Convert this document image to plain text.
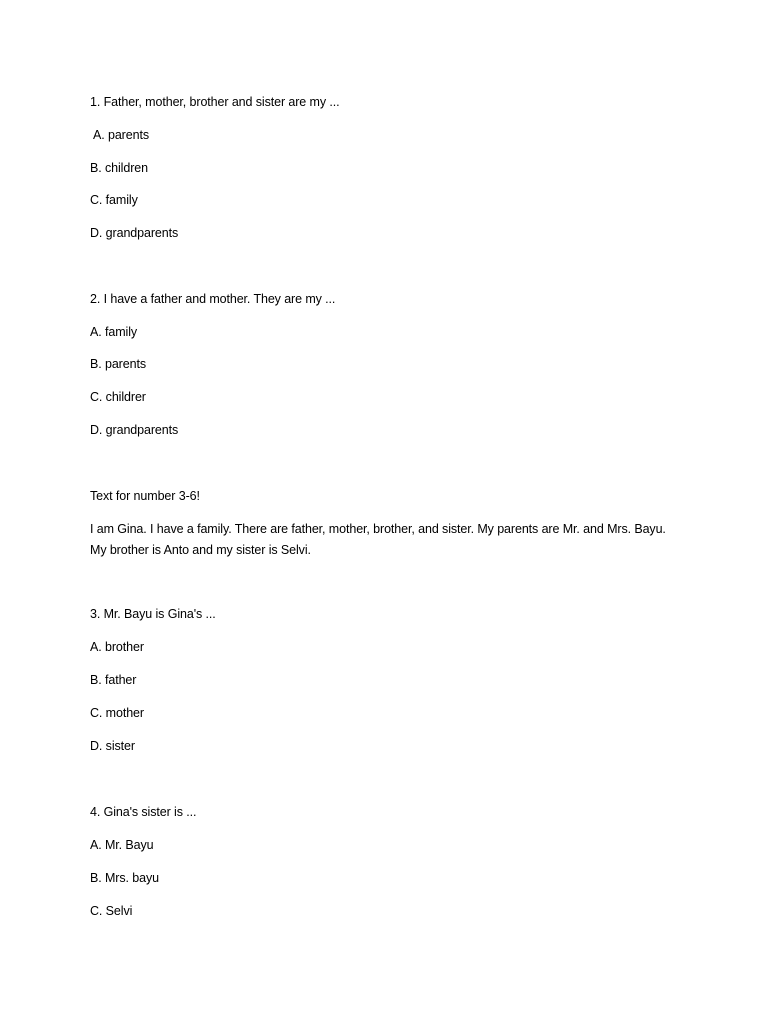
1. Father, mother, brother and sister are my ...
A. parents
B. children
C. family
D. grandparents
2. I have a father and mother. They are my ...
A. family
B. parents
C. childrer
D. grandparents
Text for number 3-6!
I am Gina. I have a family. There are father, mother, brother, and sister. My parents are Mr. and Mrs. Bayu. My brother is Anto and my sister is Selvi.
3. Mr. Bayu is Gina's ...
A. brother
B. father
C. mother
D. sister
4. Gina's sister is ...
A. Mr. Bayu
B. Mrs. bayu
C. Selvi
